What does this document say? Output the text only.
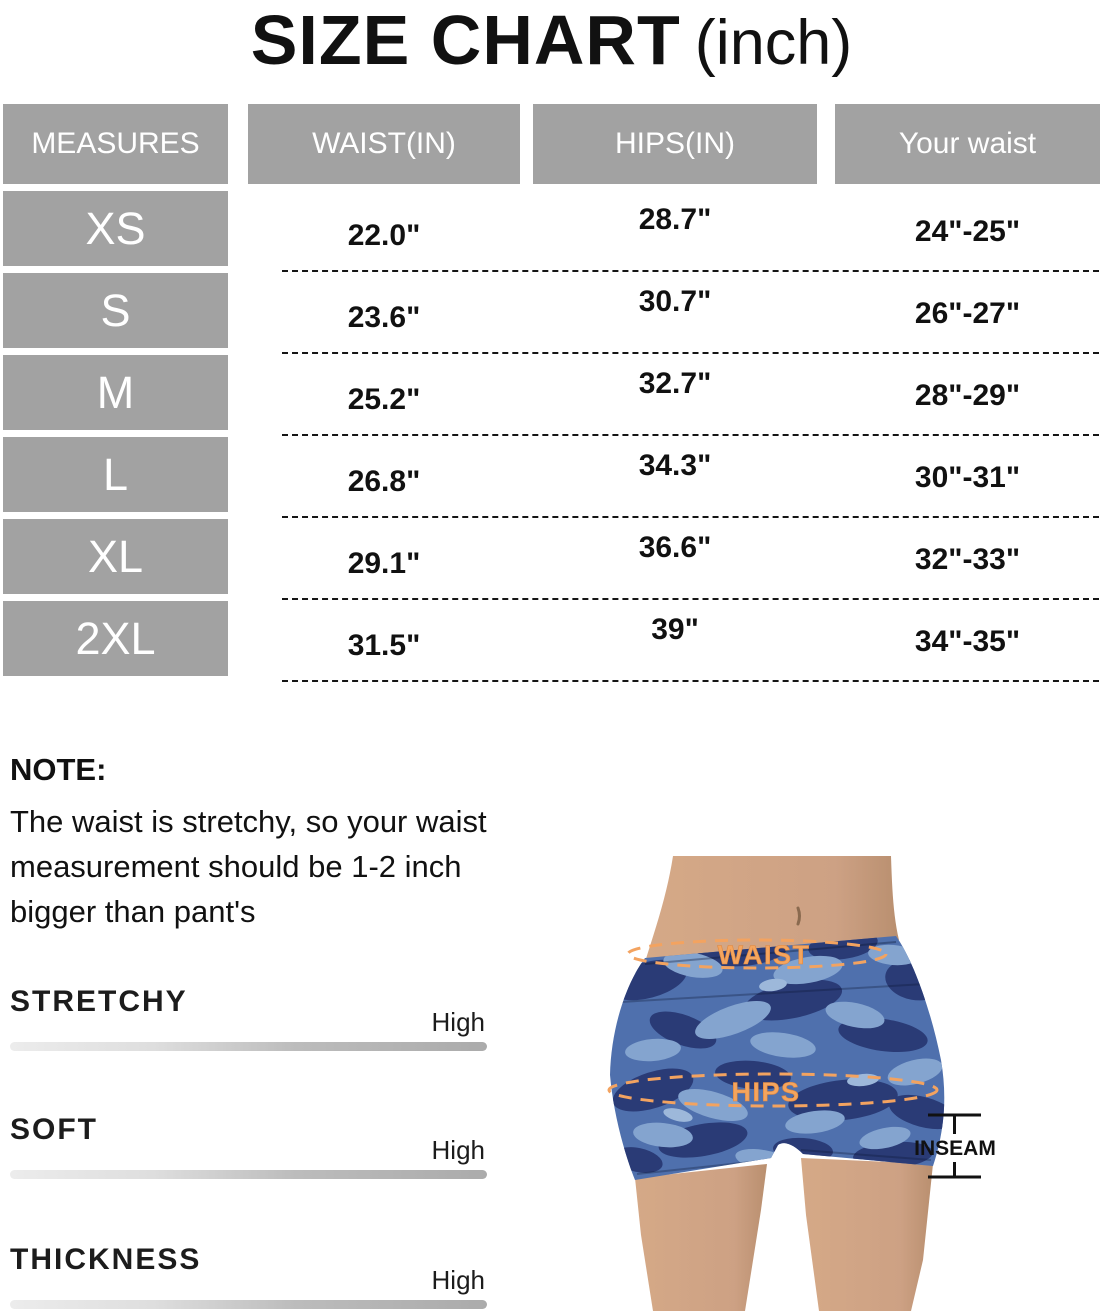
SIZE CHART (inch)
MEASURES	WAIST(IN)	HIPS(IN)	Your waist
XS	22.0"	28.7"	24"-25"
S	23.6"	30.7"	26"-27"
M	25.2"	32.7"	28"-29"
L	26.8"	34.3"	30"-31"
XL	29.1"	36.6"	32"-33"
2XL	31.5"	39"	34"-35"
NOTE:
The waist is stretchy, so your waist
measurement should be 1-2 inch
bigger than pant's
STRETCHY
High
SOFT
High
THICKNESS
High
WAIST
HIPS
INSEAM
